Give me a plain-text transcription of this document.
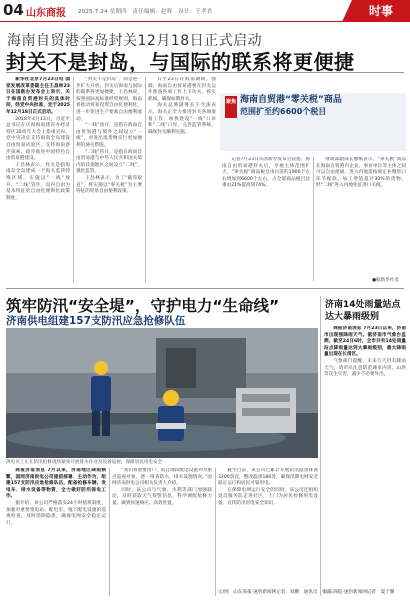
04 山东商报 2025.7.24 星期四　责任编辑：赵辉　设计：王孝君	时事
海南自贸港全岛封关12月18日正式启动
封关不是封岛，与国际的联系将更便捷

新华社北京7月23日电 国家发展改革委副主任王昌林23日在国新办发布会上表示，关于海南自贸港封关的具体时间，经党中央批准，定于2025年12月18日正式启动。

2018年4月13日，习近平总书记在庆祝海南建省办经济特区30周年大会上郑重宣布，党中央决定支持海南全岛建设自由贸易试验区，支持海南逐步探索、稳步推进中国特色自由贸易港建设。

王昌林表示，封关是指海南岛全岛建成一个海关监管特殊区域，实施以“一线”放开、“二线”管住、岛内自由为基本特征的自由化便利化政策制度。

“封关不是封岛”，而是进一步扩大开放。封关后海南与国际的联系将更加便捷。王昌林说，按照国际高标准经贸规则，海南将推动贸易投资自由化便利化，进一步促进生产要素自由便利流动。

“一线”放开，是指在海南自由贸易港与境外之间设立“一线”，对进出境货物实行更加便利的通关措施。

“二线”管住，是指在海南自由贸易港与中华人民共和国关境内的其他地区之间设立“二线”，强化监管。

王昌林表示，为了“截弯取直”，将实施以“零关税”为主要特征的贸易自由便利政策。

日至23日在海南调研，强调，海南自由贸易港要在封关运作准备各项工作上下功夫，抓实抓细，确保如期封关。

海关总署副署长王令浚表示，海关正全力推进封关各项准备工作，加快建设“一线”口岸和“二线”口岸，完善监管系统，确保封关顺利实施。

聚焦 海南自贸港“零关税”商品
范围扩至约6600个税目

记者7月23日从国新办发布会获悉，海南自由贸易港封关后，享惠主体范围扩大，“零关税”商品税目由目前的1900个左右增加到6600个左右，占全部商品税目比重由21%提高到74%。

财政部副部长廖岷表示，“零关税”商品在海南自贸港内企业、事业单位等主体之间可以自由流通，进入内地需按规定补缴进口环节税款。加工增值超过30%的货物，经“二线”进入内地免征进口关税。

●据新华社电
筑牢防汛“安全堤”，守护电力“生命线”
济南供电组建157支防汛应急抢修队伍
供电员工正在防汛抢修现场紧张开展排水作业及设备巡视，保障居民用电安全

商报济南消息 7月以来，济南地区降雨频繁，国网济南供电公司提前部署、主动作为，组建157支防汛应急抢修队伍，配备抢修车辆、发电车、排水设备等物资，全力做好防汛保电工作。

据介绍，该公司严格落实24小时值班制度，加强对重要变电站、配电室、地下配电设施的巡视检查，及时消除隐患，确保电网安全稳定运行。

“我们将重要用户、低洼地段配电设施列为重点巡视对象，逐一排查防水、排水设施情况。”国网济南供电公司相关负责人介绍。

同时，该公司与气象、水利等部门加强联动，及时获取天气预警信息，科学调配抢修力量，做到快速响应、高效处置。

截至目前，该公司已累计开展防汛隐患排查3200余次，整改隐患186处，确保汛期电网安全稳定运行和居民可靠用电。

在保障电网运行安全的同时，该公司还组织党员服务队走进社区，上门为居民检修用电设备，宣传防汛用电安全知识。

文/图　山东商报·速豹新闻网记者　刘鹏　通讯员　张玉
济南14处雨量站点
达大暴雨级别

商报济南消息 7月23日以来，济南市出现强降雨天气。据济南市气象台监测，截至24日6时，全市共有14处雨量站点降雨量达到大暴雨级别，最大降雨量出现在长清区。

气象部门提醒，未来几天仍有降雨天气，请市民注意防范城市内涝、山洪等次生灾害，减少不必要外出。

山东商报·速豹新闻网记者　夏于馨
